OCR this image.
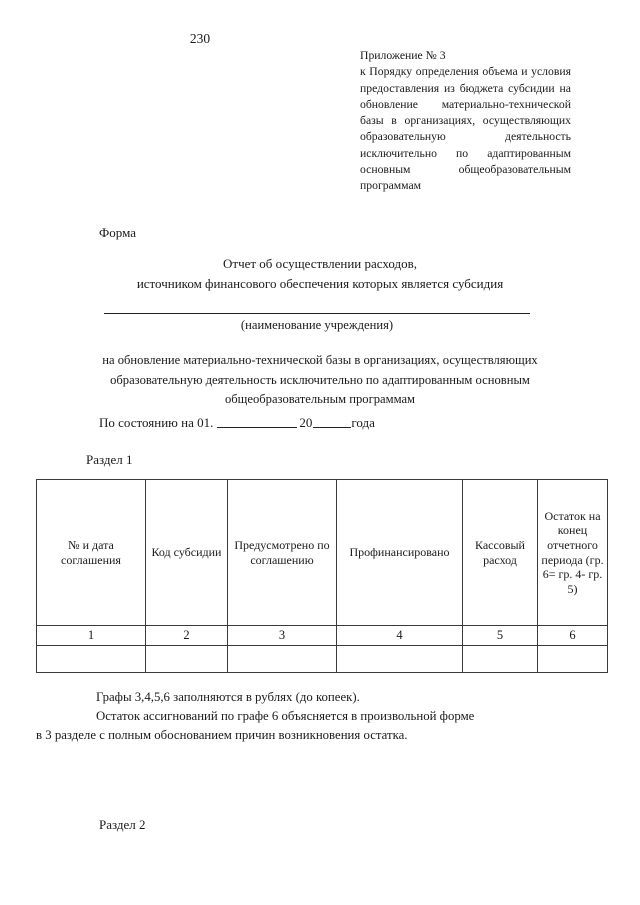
230

Приложение № 3

к Порядку определения объема и условия предоставления из бюджета субсидии на обновление материально-технической базы в организациях, осуществляющих образовательную деятельность исключительно по адаптированным основным общеобразовательным программам

Форма
Отчет об осуществлении расходов,
источником финансового обеспечения которых является субсидия
(наименование учреждения)
на обновление материально-технической базы в организациях, осуществляющих образовательную деятельность исключительно по адаптированным основным общеобразовательным программам
По состоянию на 01.	20	года
Раздел 1
№ и дата соглашения	Код субсидии	Предусмотрено по соглашению	Профинансировано	Кассовый расход	Остаток на конец отчетного периода (гр. 6= гр. 4- гр. 5)
1	2	3	4	5	6

Графы 3,4,5,6 заполняются в рублях (до копеек).
Остаток ассигнований по графе 6 объясняется в произвольной форме
в 3 разделе с полным обоснованием причин возникновения остатка.
Раздел 2
